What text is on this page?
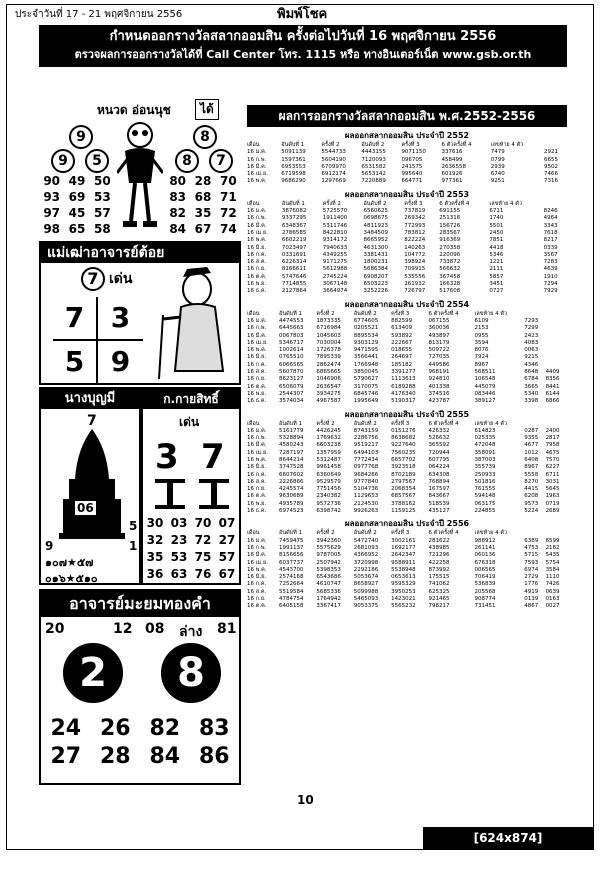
ประจำวันที่ 17 - 21 พฤศจิกายน 2556	พิมพ์โชค
กำหนดออกรางวัลสลากออมสิน ครั้งต่อไปวันที่ 16 พฤศจิกายน 2556
ตรวจผลการออกรางวัลได้ที่ Call Center โทร. 1115 หรือ ทางอินเตอร์เน็ต www.gsb.or.th
หนวด อ่อนนุช	ได้
9
9	5
8
8	7
90 49 50
93 69 53
97 45 57
98 65 58
80 28 70
83 68 71
82 35 72
84 67 74
แม่เฒ่าอาจารย์ต้อย
7 เด่น
7 3
5 9
นางบุญมี
7
9	1
5
06
๑๐๗★๕๗
๐๑๖★๕๑๐
ก.กายสิทธิ์
เด่น
3 7
30 03 70 07
32 23 72 27
35 53 75 57
36 63 76 67
อาจารย์มะยมทองคำ
20	12 08 ล่าง 81
2	8
24 26 82 83
27 28 84 86
ผลการออกรางวัลสลากออมสิน พ.ศ.2552-2556
ผลออกสลากออมสิน ประจำปี 2552
เดือน	อันดับที่ 1	ครั้งที่ 2	อันดับที่ 2	ครั้งที่ 3	6 ตัวครั้งที่ 4	เลขท้าย 4 ตัว	
16 ม.ค.	5091139	5544733	4443155	9071150	337616	7479	2921
16 ก.พ.	1597361	5604190	7120093	096705	458499	0799	6655
16 มี.ค.	6953553	6709970	6531582	241575	2636558	2939	9502
16 เม.ย.	6719598	6912174	5653142	995640	601926	6740	7466
16 พ.ค.	9686290	1297669	7220889	664771	977361	9251	7316
ผลออกสลากออมสิน ประจำปี 2553
เดือน	อันดับที่ 1	ครั้งที่ 2	อันดับที่ 2	ครั้งที่ 3	6 ตัวครั้งที่ 4	เลขท้าย 4 ตัว	
16 ม.ค.	3876082	5725570	6560625	737819	691155	6711	8246
16 ก.พ.	9337295	1911400	0698675	269342	251316	1740	4964
16 มี.ค.	6348367	5311746	4811923	772993	156726	5501	3343
16 เม.ย.	2786585	8422810	3484509	783812	283567	2450	7618
16 พ.ค.	6602219	9314172	8665952	822224	916369	7851	8217
16 มิ.ย.	7023497	7940633	4631300	140263	270358	4418	0339
16 ก.ค.	0331691	4349255	3381431	104772	220096	5346	3567
16 ส.ค.	6226314	9171275	1800231	398924	733872	1221	7283
16 ก.ย.	8166611	5612988	5686384	709915	566632	2111	4639
16 ต.ค.	5747646	2745224	6908207	535556	367458	5857	1910
16 พ.ย.	7714855	3067148	6503223	261932	166328	3451	7294
16 ธ.ค.	2127864	3664974	3252226	726797	517608	0727	7929
ผลออกสลากออมสิน ประจำปี 2554
เดือน	อันดับที่ 1	ครั้งที่ 2	อันดับที่ 2	ครั้งที่ 3	6 ตัวครั้งที่ 4	เลขท้าย 4 ตัว		
16 ม.ค.	4474553	1873335	6774605	882599	067155	6109	7293	
16 ก.พ.	6445663	6716984	0205521	613409	360036	2153	7299	
16 มี.ค.	0067803	1045603	8895534	593892	493897	0955	2423	
16 เม.ย.	5346717	7030004	9303129	222667	813179	3594	4083	
16 พ.ค.	1002614	1726378	9471595	018655	509722	8076	0063	
16 มิ.ย.	0765510	7895339	3566441	264697	727035	7924	9215	
16 ก.ค.	6066565	2862474	1766948	185182	449586	8967	4346	
16 ส.ค.	5607870	6865665	3850045	3391277	968191	568511	8648	4409
16 ก.ย.	8623127	1046906	5790627	1113613	924810	106548	6784	8356
16 ต.ค.	6506079	2636547	3170075	6189288	401338	445079	3665	8441
16 พ.ย.	2544307	3934275	6845746	4176340	374516	083446	5340	6144
16 ธ.ค.	3574034	4967587	1995649	5190317	423787	389127	3398	6866
ผลออกสลากออมสิน ประจำปี 2555
เดือน	อันดับที่ 1	ครั้งที่ 2	อันดับที่ 2	ครั้งที่ 3	6 ตัวครั้งที่ 4	เลขท้าย 4 ตัว		
16 ม.ค.	5161779	4426245	8743159	0151276	426332	614823	0287	2400
16 ก.พ.	5328894	1769632	2286756	8638682	526632	025335	9355	2817
16 มี.ค.	4580243	6603238	9519217	9227640	365592	472048	4677	7958
16 เม.ย.	7287197	1357959	6494103	7560235	720944	358091	1012	4675
16 พ.ค.	8644214	5312487	7772434	6657702	607795	387003	6408	7570
16 มิ.ย.	3747528	9961458	0977768	3923518	064224	355739	8967	6227
16 ก.ค.	6607602	6360649	9684266	8702189	634308	250933	5558	6711
16 ส.ค.	2226866	9529579	9777840	2797567	768894	501816	8270	3031
16 ก.ย.	4245574	7751456	5104736	2068354	167597	761555	4415	5645
16 ต.ค.	9630689	2340382	1129653	6857567	843667	594148	6208	1963
16 พ.ย.	4935789	9572736	2124530	3788162	518539	063175	9573	0719
16 ธ.ค.	6974523	6398742	9926263	1159125	435127	224855	5224	2689
ผลออกสลากออมสิน ประจำปี 2556
เดือน	อันดับที่ 1	ครั้งที่ 2	อันดับที่ 2	ครั้งที่ 3	6 ตัวครั้งที่ 4	เลขท้าย 4 ตัว		
16 ม.ค.	7459475	3942360	5472740	3002161	281622	988912	6389	6599
16 ก.พ.	1991137	5575629	2681093	1692177	438985	261141	4753	2182
16 มี.ค.	8156656	9787005	4366952	2642347	721296	060136	5715	5435
16 เม.ย.	6037737	2507942	3720998	9588911	422258	676318	7593	5754
16 พ.ค.	4543700	5398353	2292186	5538948	873992	006565	6974	3584
16 มิ.ย.	2574168	6543686	5053674	0653613	175515	706419	2729	1110
16 ก.ค.	7252664	4610747	8658927	9595329	741062	536839	1776	7426
16 ส.ค.	5519584	5685336	5099988	3950253	625325	205568	4919	0639
16 ก.ย.	4784754	1764942	5465093	1423021	921465	908774	0139	0163
16 ต.ค.	6405158	3367417	9053375	5565232	798217	731451	4867	0027
10
[624x874] http://upic.me/
